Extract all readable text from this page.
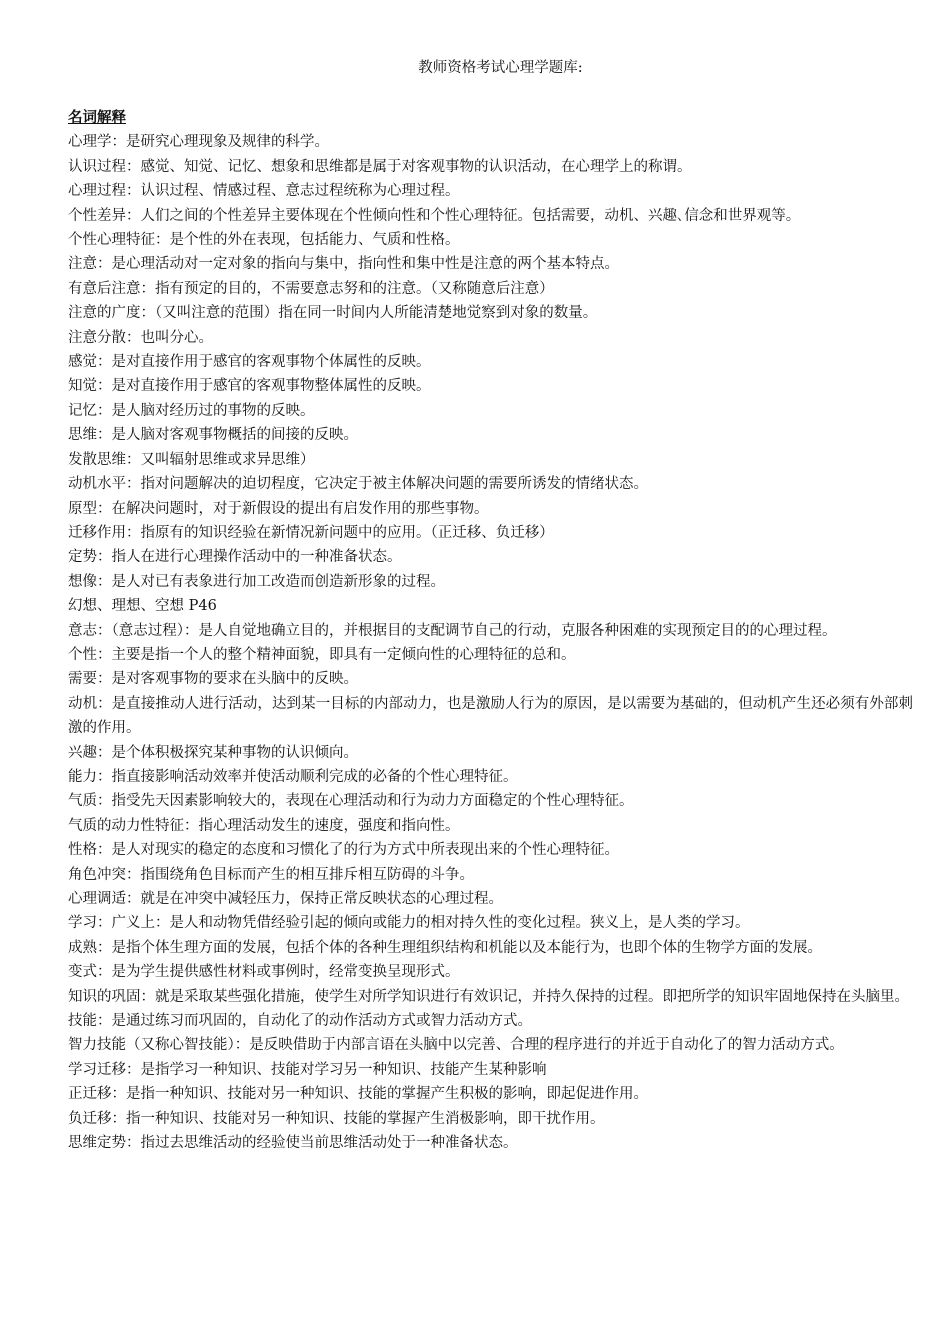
教师资格考试心理学题库:
名词解释
心理学：是研究心理现象及规律的科学。
认识过程：感觉、知觉、记忆、想象和思维都是属于对客观事物的认识活动，在心理学上的称谓。
心理过程：认识过程、情感过程、意志过程统称为心理过程。
个性差异：人们之间的个性差异主要体现在个性倾向性和个性心理特征。包括需要，动机、兴趣､信念和世界观等。
个性心理特征：是个性的外在表现，包括能力、气质和性格。
注意：是心理活动对一定对象的指向与集中，指向性和集中性是注意的两个基本特点。
有意后注意：指有预定的目的，不需要意志努和的注意。（又称随意后注意）
注意的广度：（又叫注意的范围）指在同一时间内人所能清楚地觉察到对象的数量。
注意分散：也叫分心。
感觉：是对直接作用于感官的客观事物个体属性的反映。
知觉：是对直接作用于感官的客观事物整体属性的反映。
记忆：是人脑对经历过的事物的反映。
思维：是人脑对客观事物概括的间接的反映。
发散思维：又叫辐射思维或求异思维）
动机水平：指对问题解决的迫切程度，它决定于被主体解决问题的需要所诱发的情绪状态。
原型：在解决问题时，对于新假设的提出有启发作用的那些事物。
迁移作用：指原有的知识经验在新情况新问题中的应用。（正迁移、负迁移）
定势：指人在进行心理操作活动中的一种准备状态。
想像：是人对已有表象进行加工改造而创造新形象的过程。
幻想、理想、空想 P46
意志：（意志过程）：是人自觉地确立目的，并根据目的支配调节自己的行动，克服各种困难的实现预定目的的心理过程。
个性：主要是指一个人的整个精神面貌，即具有一定倾向性的心理特征的总和。
需要：是对客观事物的要求在头脑中的反映。
动机：是直接推动人进行活动，达到某一目标的内部动力，也是激励人行为的原因，是以需要为基础的，但动机产生还必须有外部刺激的作用。
兴趣：是个体积极探究某种事物的认识倾向。
能力：指直接影响活动效率并使活动顺利完成的必备的个性心理特征。
气质：指受先天因素影响较大的，表现在心理活动和行为动力方面稳定的个性心理特征。
气质的动力性特征：指心理活动发生的速度，强度和指向性。
性格：是人对现实的稳定的态度和习惯化了的行为方式中所表现出来的个性心理特征。
角色冲突：指围绕角色目标而产生的相互排斥相互防碍的斗争。
心理调适：就是在冲突中减轻压力，保持正常反映状态的心理过程。
学习：广义上：是人和动物凭借经验引起的倾向或能力的相对持久性的变化过程。狭义上，是人类的学习。
成熟：是指个体生理方面的发展，包括个体的各种生理组织结构和机能以及本能行为，也即个体的生物学方面的发展。
变式：是为学生提供感性材料或事例时，经常变换呈现形式。
知识的巩固：就是采取某些强化措施，使学生对所学知识进行有效识记，并持久保持的过程。即把所学的知识牢固地保持在头脑里。
技能：是通过练习而巩固的，自动化了的动作活动方式或智力活动方式。
智力技能（又称心智技能）：是反映借助于内部言语在头脑中以完善、合理的程序进行的并近于自动化了的智力活动方式。
学习迁移：是指学习一种知识、技能对学习另一种知识、技能产生某种影响
正迁移：是指一种知识、技能对另一种知识、技能的掌握产生积极的影响，即起促进作用。
负迁移：指一种知识、技能对另一种知识、技能的掌握产生消极影响，即干扰作用。
思维定势：指过去思维活动的经验使当前思维活动处于一种准备状态。
